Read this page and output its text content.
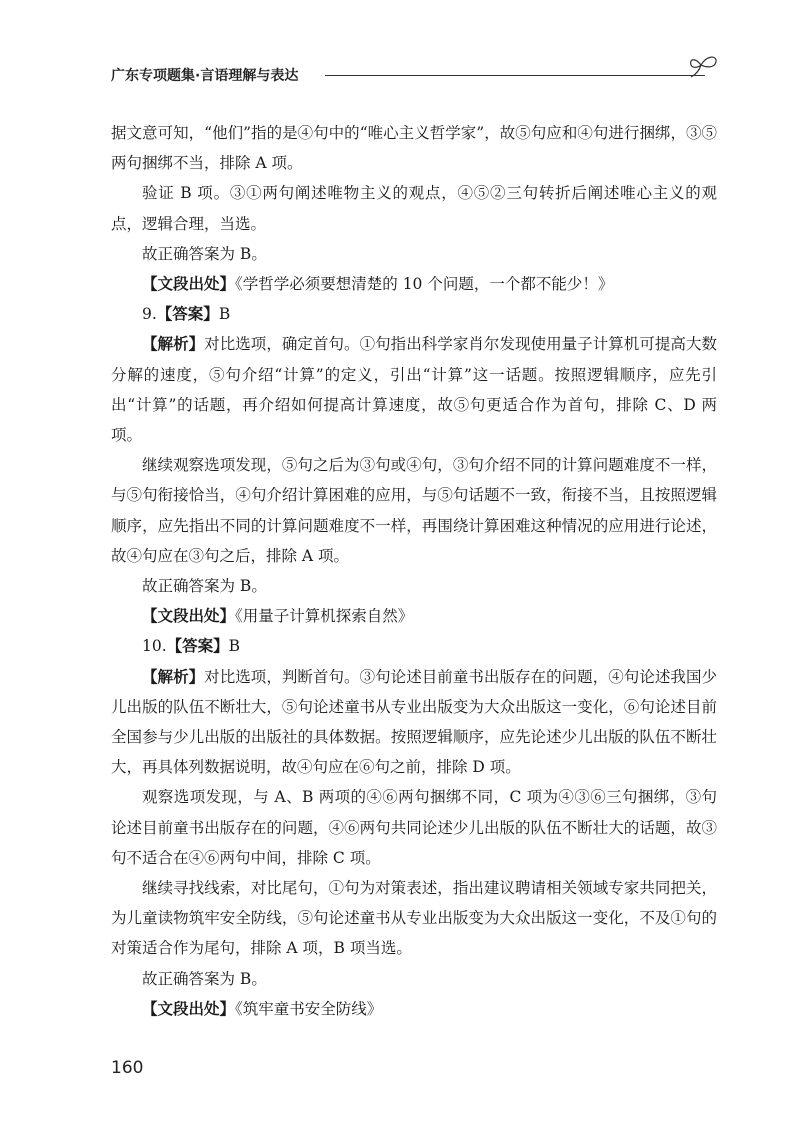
广东专项题集·言语理解与表达

据文意可知，“他们”指的是④句中的“唯心主义哲学家”，故⑤句应和④句进行捆绑，③⑤两句捆绑不当，排除 A 项。

验证 B 项。③①两句阐述唯物主义的观点，④⑤②三句转折后阐述唯心主义的观点，逻辑合理，当选。

故正确答案为 B。

【文段出处】《学哲学必须要想清楚的 10 个问题，一个都不能少！》

9.【答案】B

【解析】对比选项，确定首句。①句指出科学家肖尔发现使用量子计算机可提高大数分解的速度，⑤句介绍“计算”的定义，引出“计算”这一话题。按照逻辑顺序，应先引出“计算”的话题，再介绍如何提高计算速度，故⑤句更适合作为首句，排除 C、D 两项。

继续观察选项发现，⑤句之后为③句或④句，③句介绍不同的计算问题难度不一样，与⑤句衔接恰当，④句介绍计算困难的应用，与⑤句话题不一致，衔接不当，且按照逻辑顺序，应先指出不同的计算问题难度不一样，再围绕计算困难这种情况的应用进行论述，故④句应在③句之后，排除 A 项。

故正确答案为 B。

【文段出处】《用量子计算机探索自然》

10.【答案】B

【解析】对比选项，判断首句。③句论述目前童书出版存在的问题，④句论述我国少儿出版的队伍不断壮大，⑤句论述童书从专业出版变为大众出版这一变化，⑥句论述目前全国参与少儿出版的出版社的具体数据。按照逻辑顺序，应先论述少儿出版的队伍不断壮大，再具体列数据说明，故④句应在⑥句之前，排除 D 项。

观察选项发现，与 A、B 两项的④⑥两句捆绑不同，C 项为④③⑥三句捆绑，③句论述目前童书出版存在的问题，④⑥两句共同论述少儿出版的队伍不断壮大的话题，故③句不适合在④⑥两句中间，排除 C 项。

继续寻找线索，对比尾句，①句为对策表述，指出建议聘请相关领域专家共同把关，为儿童读物筑牢安全防线，⑤句论述童书从专业出版变为大众出版这一变化，不及①句的对策适合作为尾句，排除 A 项，B 项当选。

故正确答案为 B。

【文段出处】《筑牢童书安全防线》

160
